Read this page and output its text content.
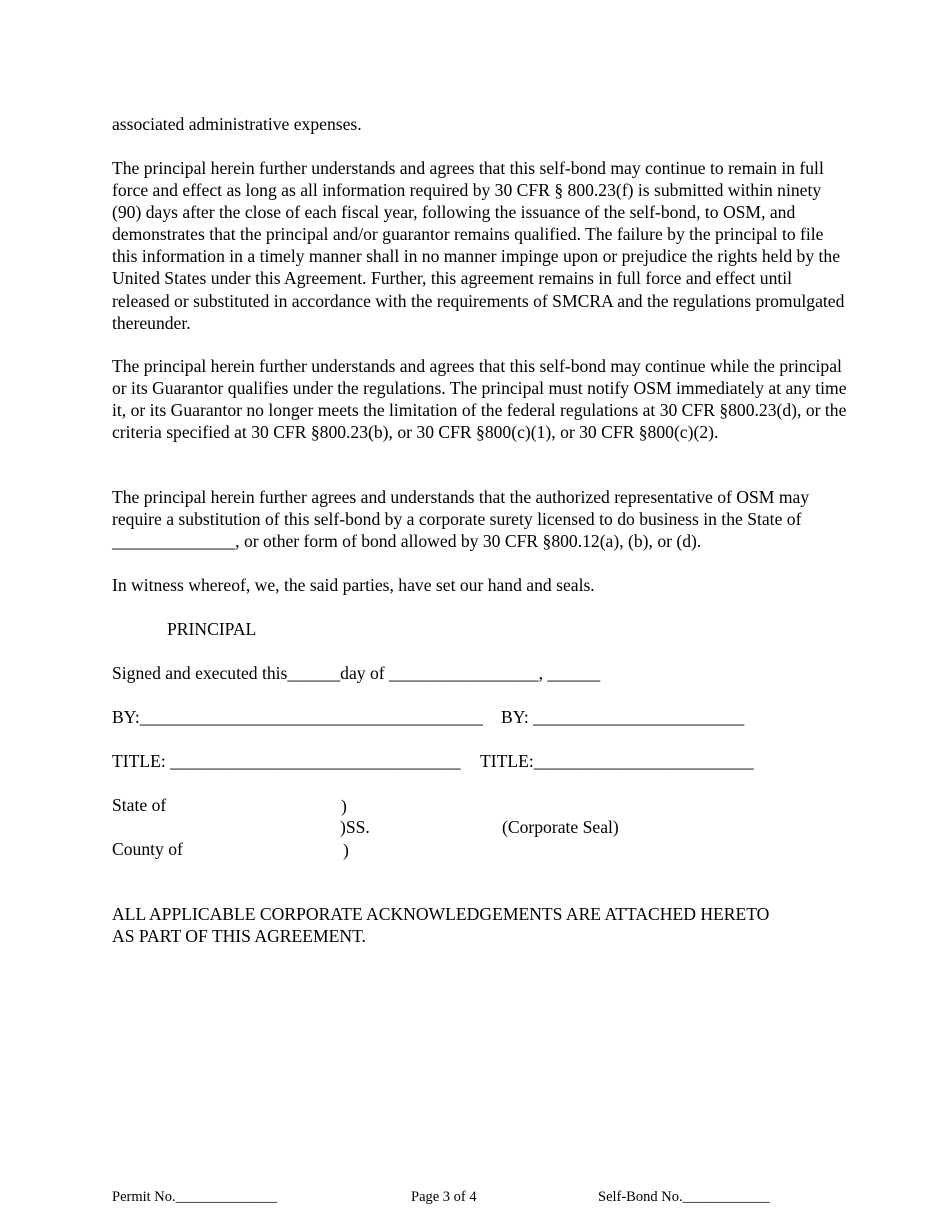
associated administrative expenses.

The principal herein further understands and agrees that this self-bond may continue to remain in full force and effect as long as all information required by 30 CFR § 800.23(f) is submitted within ninety (90) days after the close of each fiscal year, following the issuance of the self-bond, to OSM, and demonstrates that the principal and/or guarantor remains qualified. The failure by the principal to file this information in a timely manner shall in no manner impinge upon or prejudice the rights held by the United States under this Agreement. Further, this agreement remains in full force and effect until released or substituted in accordance with the requirements of SMCRA and the regulations promulgated thereunder.

The principal herein further understands and agrees that this self-bond may continue while the principal or its Guarantor qualifies under the regulations. The principal must notify OSM immediately at any time it, or its Guarantor no longer meets the limitation of the federal regulations at 30 CFR §800.23(d), or the criteria specified at 30 CFR §800.23(b), or 30 CFR §800(c)(1), or 30 CFR §800(c)(2).

The principal herein further agrees and understands that the authorized representative of OSM may require a substitution of this self-bond by a corporate surety licensed to do business in the State of ______________, or other form of bond allowed by 30 CFR §800.12(a), (b), or (d).

In witness whereof, we, the said parties, have set our hand and seals.

PRINCIPAL

Signed and executed this______day of _________________, ______

BY:_______________________________________ BY: ________________________

TITLE: _________________________________ TITLE:_________________________

State of	)

)SS.	(Corporate Seal)

County of	)

ALL APPLICABLE CORPORATE ACKNOWLEDGEMENTS ARE ATTACHED HERETO

AS PART OF THIS AGREEMENT.

Permit No.______________	Page 3 of 4	Self-Bond No.____________
